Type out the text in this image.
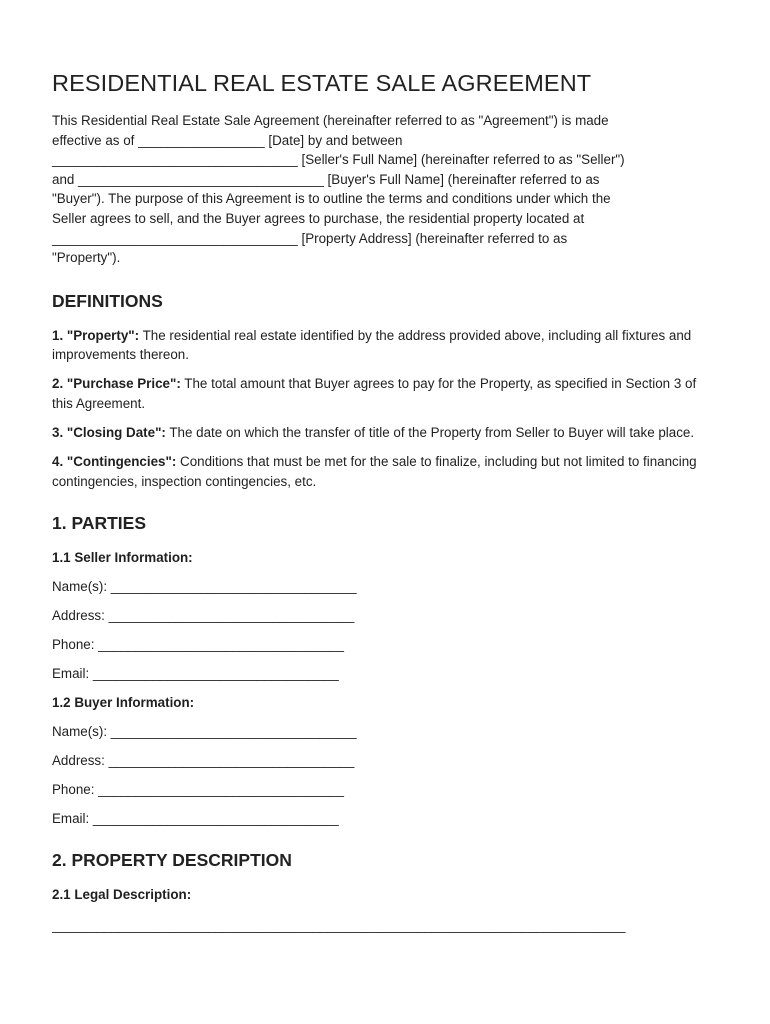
RESIDENTIAL REAL ESTATE SALE AGREEMENT

This Residential Real Estate Sale Agreement (hereinafter referred to as "Agreement") is made
effective as of _________________ [Date] by and between
_________________________________ [Seller's Full Name] (hereinafter referred to as "Seller")
and _________________________________ [Buyer's Full Name] (hereinafter referred to as
"Buyer"). The purpose of this Agreement is to outline the terms and conditions under which the
Seller agrees to sell, and the Buyer agrees to purchase, the residential property located at
_________________________________ [Property Address] (hereinafter referred to as
"Property").

DEFINITIONS
1. "Property": The residential real estate identified by the address provided above, including all fixtures and improvements thereon.
2. "Purchase Price": The total amount that Buyer agrees to pay for the Property, as specified in Section 3 of this Agreement.
3. "Closing Date": The date on which the transfer of title of the Property from Seller to Buyer will take place.
4. "Contingencies": Conditions that must be met for the sale to finalize, including but not limited to financing contingencies, inspection contingencies, etc.
1. PARTIES
1.1 Seller Information:
Name(s): _________________________________
Address: _________________________________
Phone: _________________________________
Email: _________________________________
1.2 Buyer Information:
Name(s): _________________________________
Address: _________________________________
Phone: _________________________________
Email: _________________________________
2. PROPERTY DESCRIPTION
2.1 Legal Description:
_____________________________________________________________________________
